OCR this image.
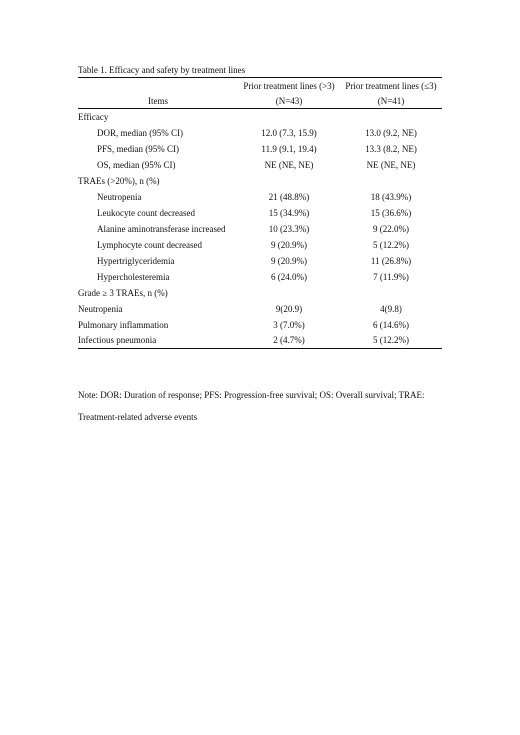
Table 1. Efficacy and safety by treatment lines
	Prior treatment lines (>3)	Prior treatment lines (≤3)
Items	(N=43)	(N=41)
Efficacy		
DOR, median (95% CI)	12.0 (7.3, 15.9)	13.0 (9.2, NE)
PFS, median (95% CI)	11.9 (9.1, 19.4)	13.3 (8.2, NE)
OS, median (95% CI)	NE (NE, NE)	NE (NE, NE)
TRAEs (>20%), n (%)		
Neutropenia	21 (48.8%)	18 (43.9%)
Leukocyte count decreased	15 (34.9%)	15 (36.6%)
Alanine aminotransferase increased	10 (23.3%)	9 (22.0%)
Lymphocyte count decreased	9 (20.9%)	5 (12.2%)
Hypertriglyceridemia	9 (20.9%)	11 (26.8%)
Hypercholesteremia	6 (24.0%)	7 (11.9%)
Grade ≥ 3 TRAEs, n (%)		
Neutropenia	9(20.9)	4(9.8)
Pulmonary inflammation	3 (7.0%)	6 (14.6%)
Infectious pneumonia	2 (4.7%)	5 (12.2%)
Note: DOR: Duration of response; PFS: Progression-free survival; OS: Overall survival; TRAE:
Treatment-related adverse events
